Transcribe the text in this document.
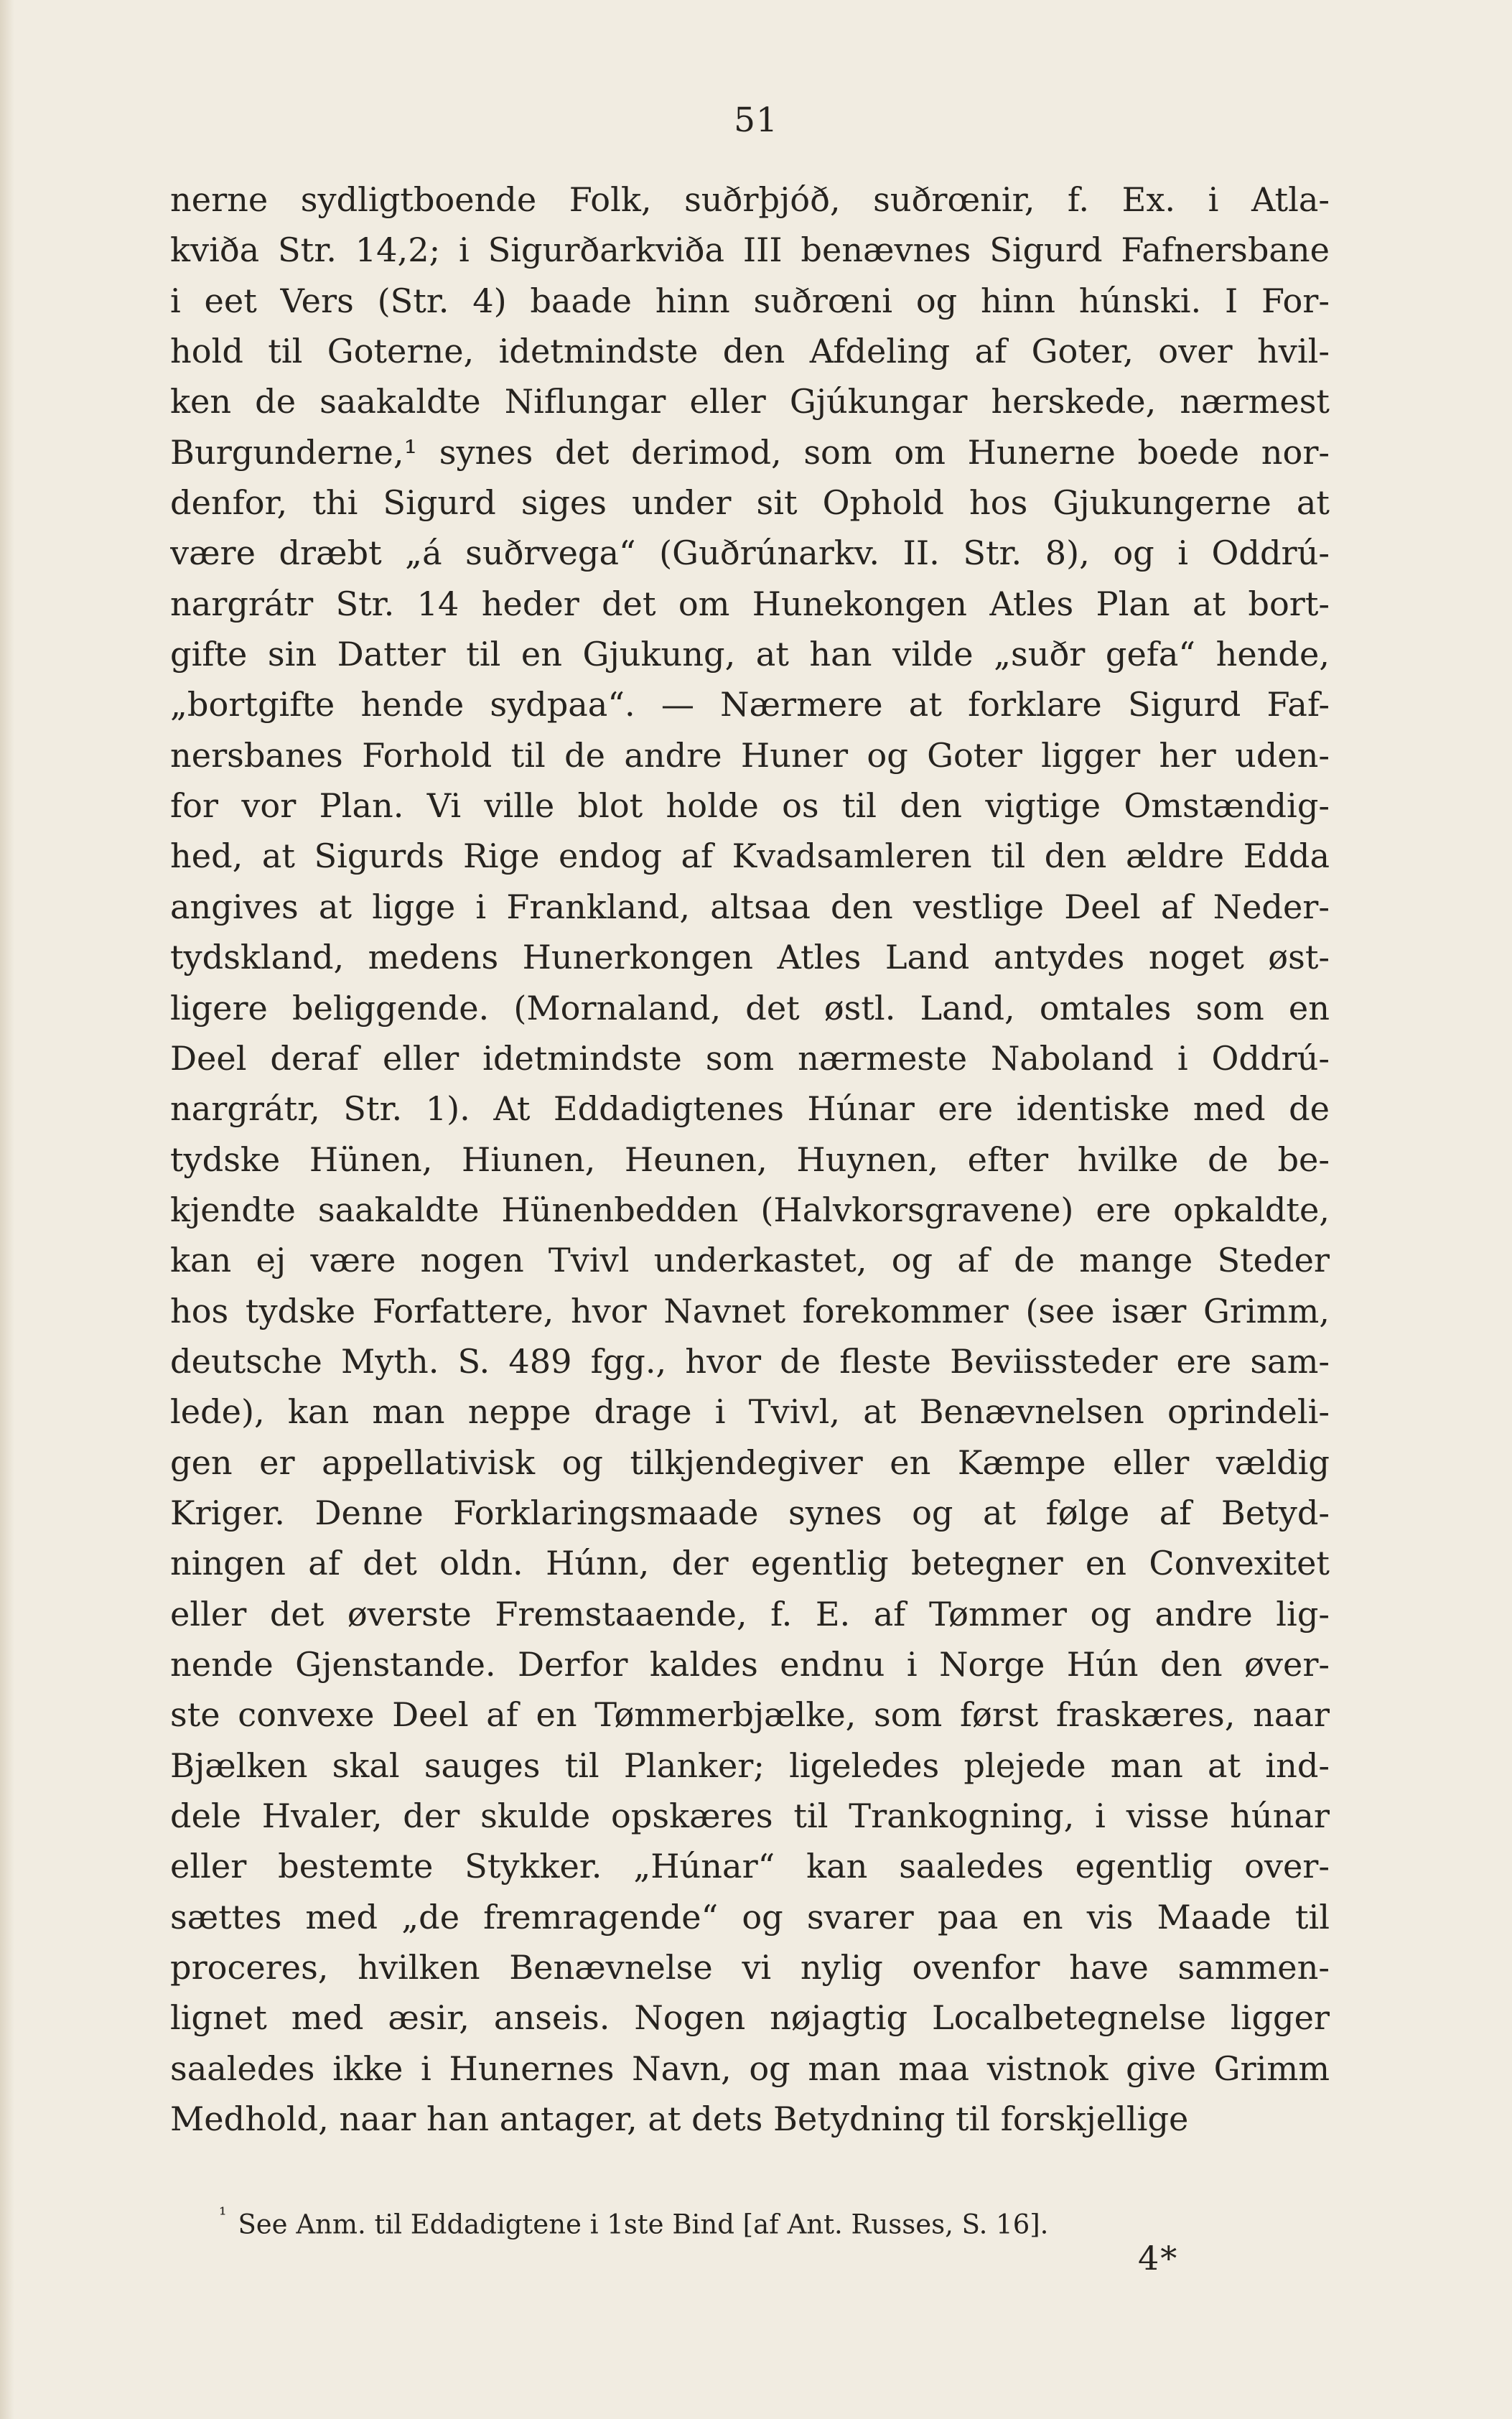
51
nerne sydligtboende Folk, suðrþjóð, suðrœnir, f. Ex. i Atla-
kviða Str. 14,2; i Sigurðarkviða III benævnes Sigurd Fafnersbane
i eet Vers (Str. 4) baade hinn suðrœni og hinn húnski. I For-
hold til Goterne, idetmindste den Afdeling af Goter, over hvil-
ken de saakaldte Niflungar eller Gjúkungar herskede, nærmest
Burgunderne,¹ synes det derimod, som om Hunerne boede nor-
denfor, thi Sigurd siges under sit Ophold hos Gjukungerne at
være dræbt „á suðrvega“ (Guðrúnarkv. II. Str. 8), og i Oddrú-
nargrátr Str. 14 heder det om Hunekongen Atles Plan at bort-
gifte sin Datter til en Gjukung, at han vilde „suðr gefa“ hende,
„bortgifte hende sydpaa“. — Nærmere at forklare Sigurd Faf-
nersbanes Forhold til de andre Huner og Goter ligger her uden-
for vor Plan. Vi ville blot holde os til den vigtige Omstændig-
hed, at Sigurds Rige endog af Kvadsamleren til den ældre Edda
angives at ligge i Frankland, altsaa den vestlige Deel af Neder-
tydskland, medens Hunerkongen Atles Land antydes noget øst-
ligere beliggende. (Mornaland, det østl. Land, omtales som en
Deel deraf eller idetmindste som nærmeste Naboland i Oddrú-
nargrátr, Str. 1). At Eddadigtenes Húnar ere identiske med de
tydske Hünen, Hiunen, Heunen, Huynen, efter hvilke de be-
kjendte saakaldte Hünenbedden (Halvkorsgravene) ere opkaldte,
kan ej være nogen Tvivl underkastet, og af de mange Steder
hos tydske Forfattere, hvor Navnet forekommer (see især Grimm,
deutsche Myth. S. 489 fgg., hvor de fleste Beviissteder ere sam-
lede), kan man neppe drage i Tvivl, at Benævnelsen oprindeli-
gen er appellativisk og tilkjendegiver en Kæmpe eller vældig
Kriger. Denne Forklaringsmaade synes og at følge af Betyd-
ningen af det oldn. Húnn, der egentlig betegner en Convexitet
eller det øverste Fremstaaende, f. E. af Tømmer og andre lig-
nende Gjenstande. Derfor kaldes endnu i Norge Hún den øver-
ste convexe Deel af en Tømmerbjælke, som først fraskæres, naar
Bjælken skal sauges til Planker; ligeledes plejede man at ind-
dele Hvaler, der skulde opskæres til Trankogning, i visse húnar
eller bestemte Stykker. „Húnar“ kan saaledes egentlig over-
sættes med „de fremragende“ og svarer paa en vis Maade til
proceres, hvilken Benævnelse vi nylig ovenfor have sammen-
lignet med æsir, anseis. Nogen nøjagtig Localbetegnelse ligger
saaledes ikke i Hunernes Navn, og man maa vistnok give Grimm
Medhold, naar han antager, at dets Betydning til forskjellige
$^{^1}$ See Anm. til Eddadigtene i 1ste Bind [af Ant. Russes, S. 16].
4*
